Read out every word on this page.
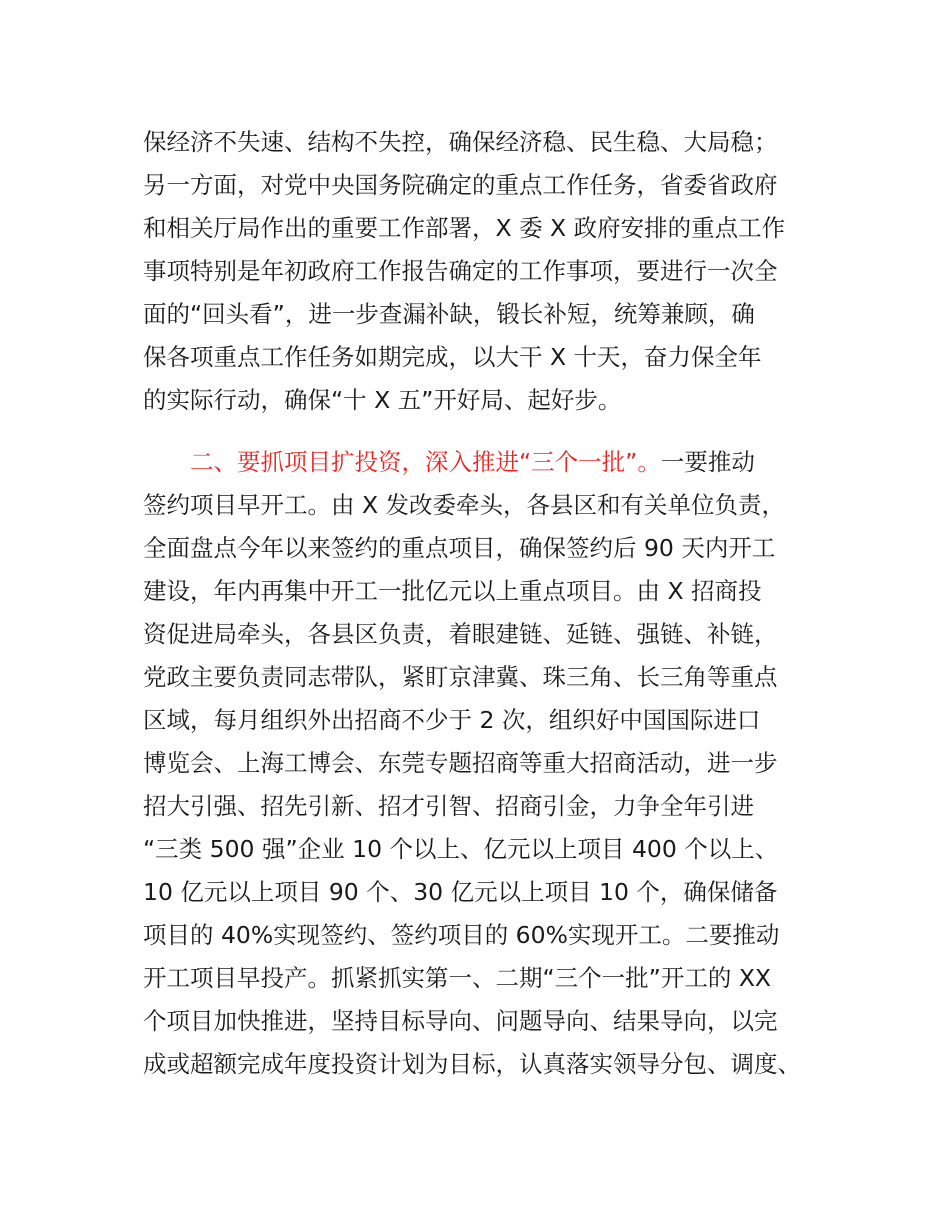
保经济不失速、结构不失控，确保经济稳、民生稳、大局稳；
另一方面，对党中央国务院确定的重点工作任务，省委省政府
和相关厅局作出的重要工作部署，X 委 X 政府安排的重点工作
事项特别是年初政府工作报告确定的工作事项，要进行一次全
面的“回头看”，进一步查漏补缺，锻长补短，统筹兼顾，确
保各项重点工作任务如期完成，以大干 X 十天，奋力保全年
的实际行动，确保“十 X 五”开好局、起好步。
二、要抓项目扩投资，深入推进“三个一批”。一要推动
签约项目早开工。由 X 发改委牵头，各县区和有关单位负责，
全面盘点今年以来签约的重点项目，确保签约后 90 天内开工
建设，年内再集中开工一批亿元以上重点项目。由 X 招商投
资促进局牵头，各县区负责，着眼建链、延链、强链、补链，
党政主要负责同志带队，紧盯京津冀、珠三角、长三角等重点
区域，每月组织外出招商不少于 2 次，组织好中国国际进口
博览会、上海工博会、东莞专题招商等重大招商活动，进一步
招大引强、招先引新、招才引智、招商引金，力争全年引进
“三类 500 强”企业 10 个以上、亿元以上项目 400 个以上、
10 亿元以上项目 90 个、30 亿元以上项目 10 个，确保储备
项目的 40%实现签约、签约项目的 60%实现开工。二要推动
开工项目早投产。抓紧抓实第一、二期“三个一批”开工的 XX
个项目加快推进，坚持目标导向、问题导向、结果导向，以完
成或超额完成年度投资计划为目标，认真落实领导分包、调度、
